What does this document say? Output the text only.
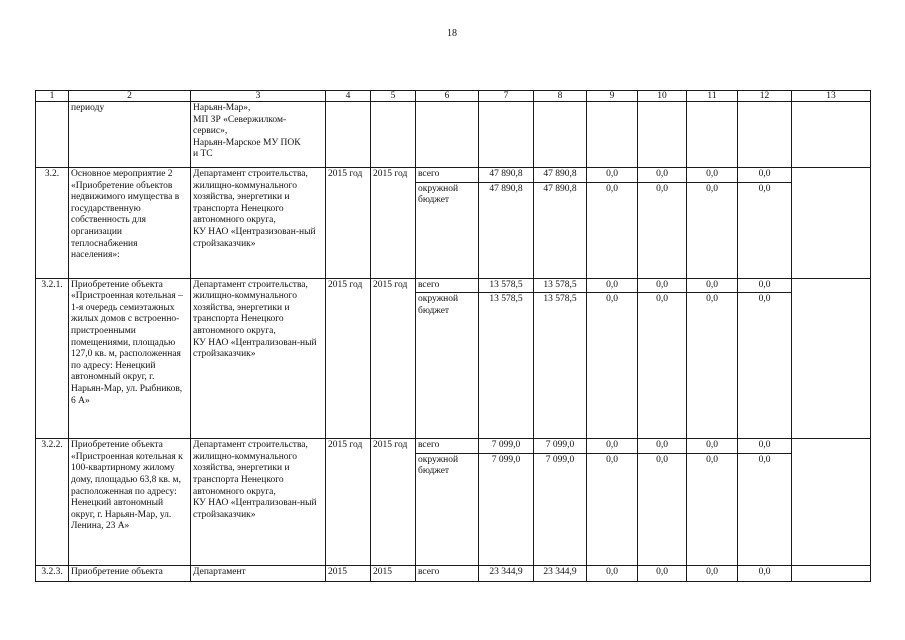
18
1	2	3	4	5	6	7	8	9	10	11	12	13
	периоду	Нарьян-Мар»,
МП ЗР «Севержилком-
сервис»,
Нарьян-Марское МУ ПОК
и ТС										
3.2.	Основное мероприятие 2 «Приобретение объектов недвижимого имущества в государственную собственность для организации теплоснабжения населения»:	Департамент строительства, жилищно-коммунального хозяйства, энергетики и транспорта Ненецкого автономного округа,
КУ НАО «Центразизован-ный стройзаказчик»	2015 год	2015 год	всего	47 890,8	47 890,8	0,0	0,0	0,0	0,0	
					окружной бюджет	47 890,8	47 890,8	0,0	0,0	0,0	0,0	
3.2.1.	Приобретение объекта «Пристроенная котельная – 1-я очередь семиэтажных жилых домов с встроенно-пристроенными помещениями, площадью 127,0 кв. м, расположенная по адресу: Ненецкий автономный округ, г. Нарьян-Мар, ул. Рыбников, 6 А»	Департамент строительства, жилищно-коммунального хозяйства, энергетики и транспорта Ненецкого автономного округа,
КУ НАО «Централизован-ный стройзаказчик»	2015 год	2015 год	всего	13 578,5	13 578,5	0,0	0,0	0,0	0,0	
					окружной бюджет	13 578,5	13 578,5	0,0	0,0	0,0	0,0	
3.2.2.	Приобретение объекта «Пристроенная котельная к 100-квартирному жилому дому, площадью 63,8 кв. м, расположенная по адресу: Ненецкий автономный округ, г. Нарьян-Мар, ул. Ленина, 23 А»	Департамент строительства, жилищно-коммунального хозяйства, энергетики и транспорта Ненецкого автономного округа,
КУ НАО «Централизован-ный стройзаказчик»	2015 год	2015 год	всего	7 099,0	7 099,0	0,0	0,0	0,0	0,0	
					окружной бюджет	7 099,0	7 099,0	0,0	0,0	0,0	0,0	
3.2.3.	Приобретение объекта	Департамент	2015	2015	всего	23 344,9	23 344,9	0,0	0,0	0,0	0,0	
